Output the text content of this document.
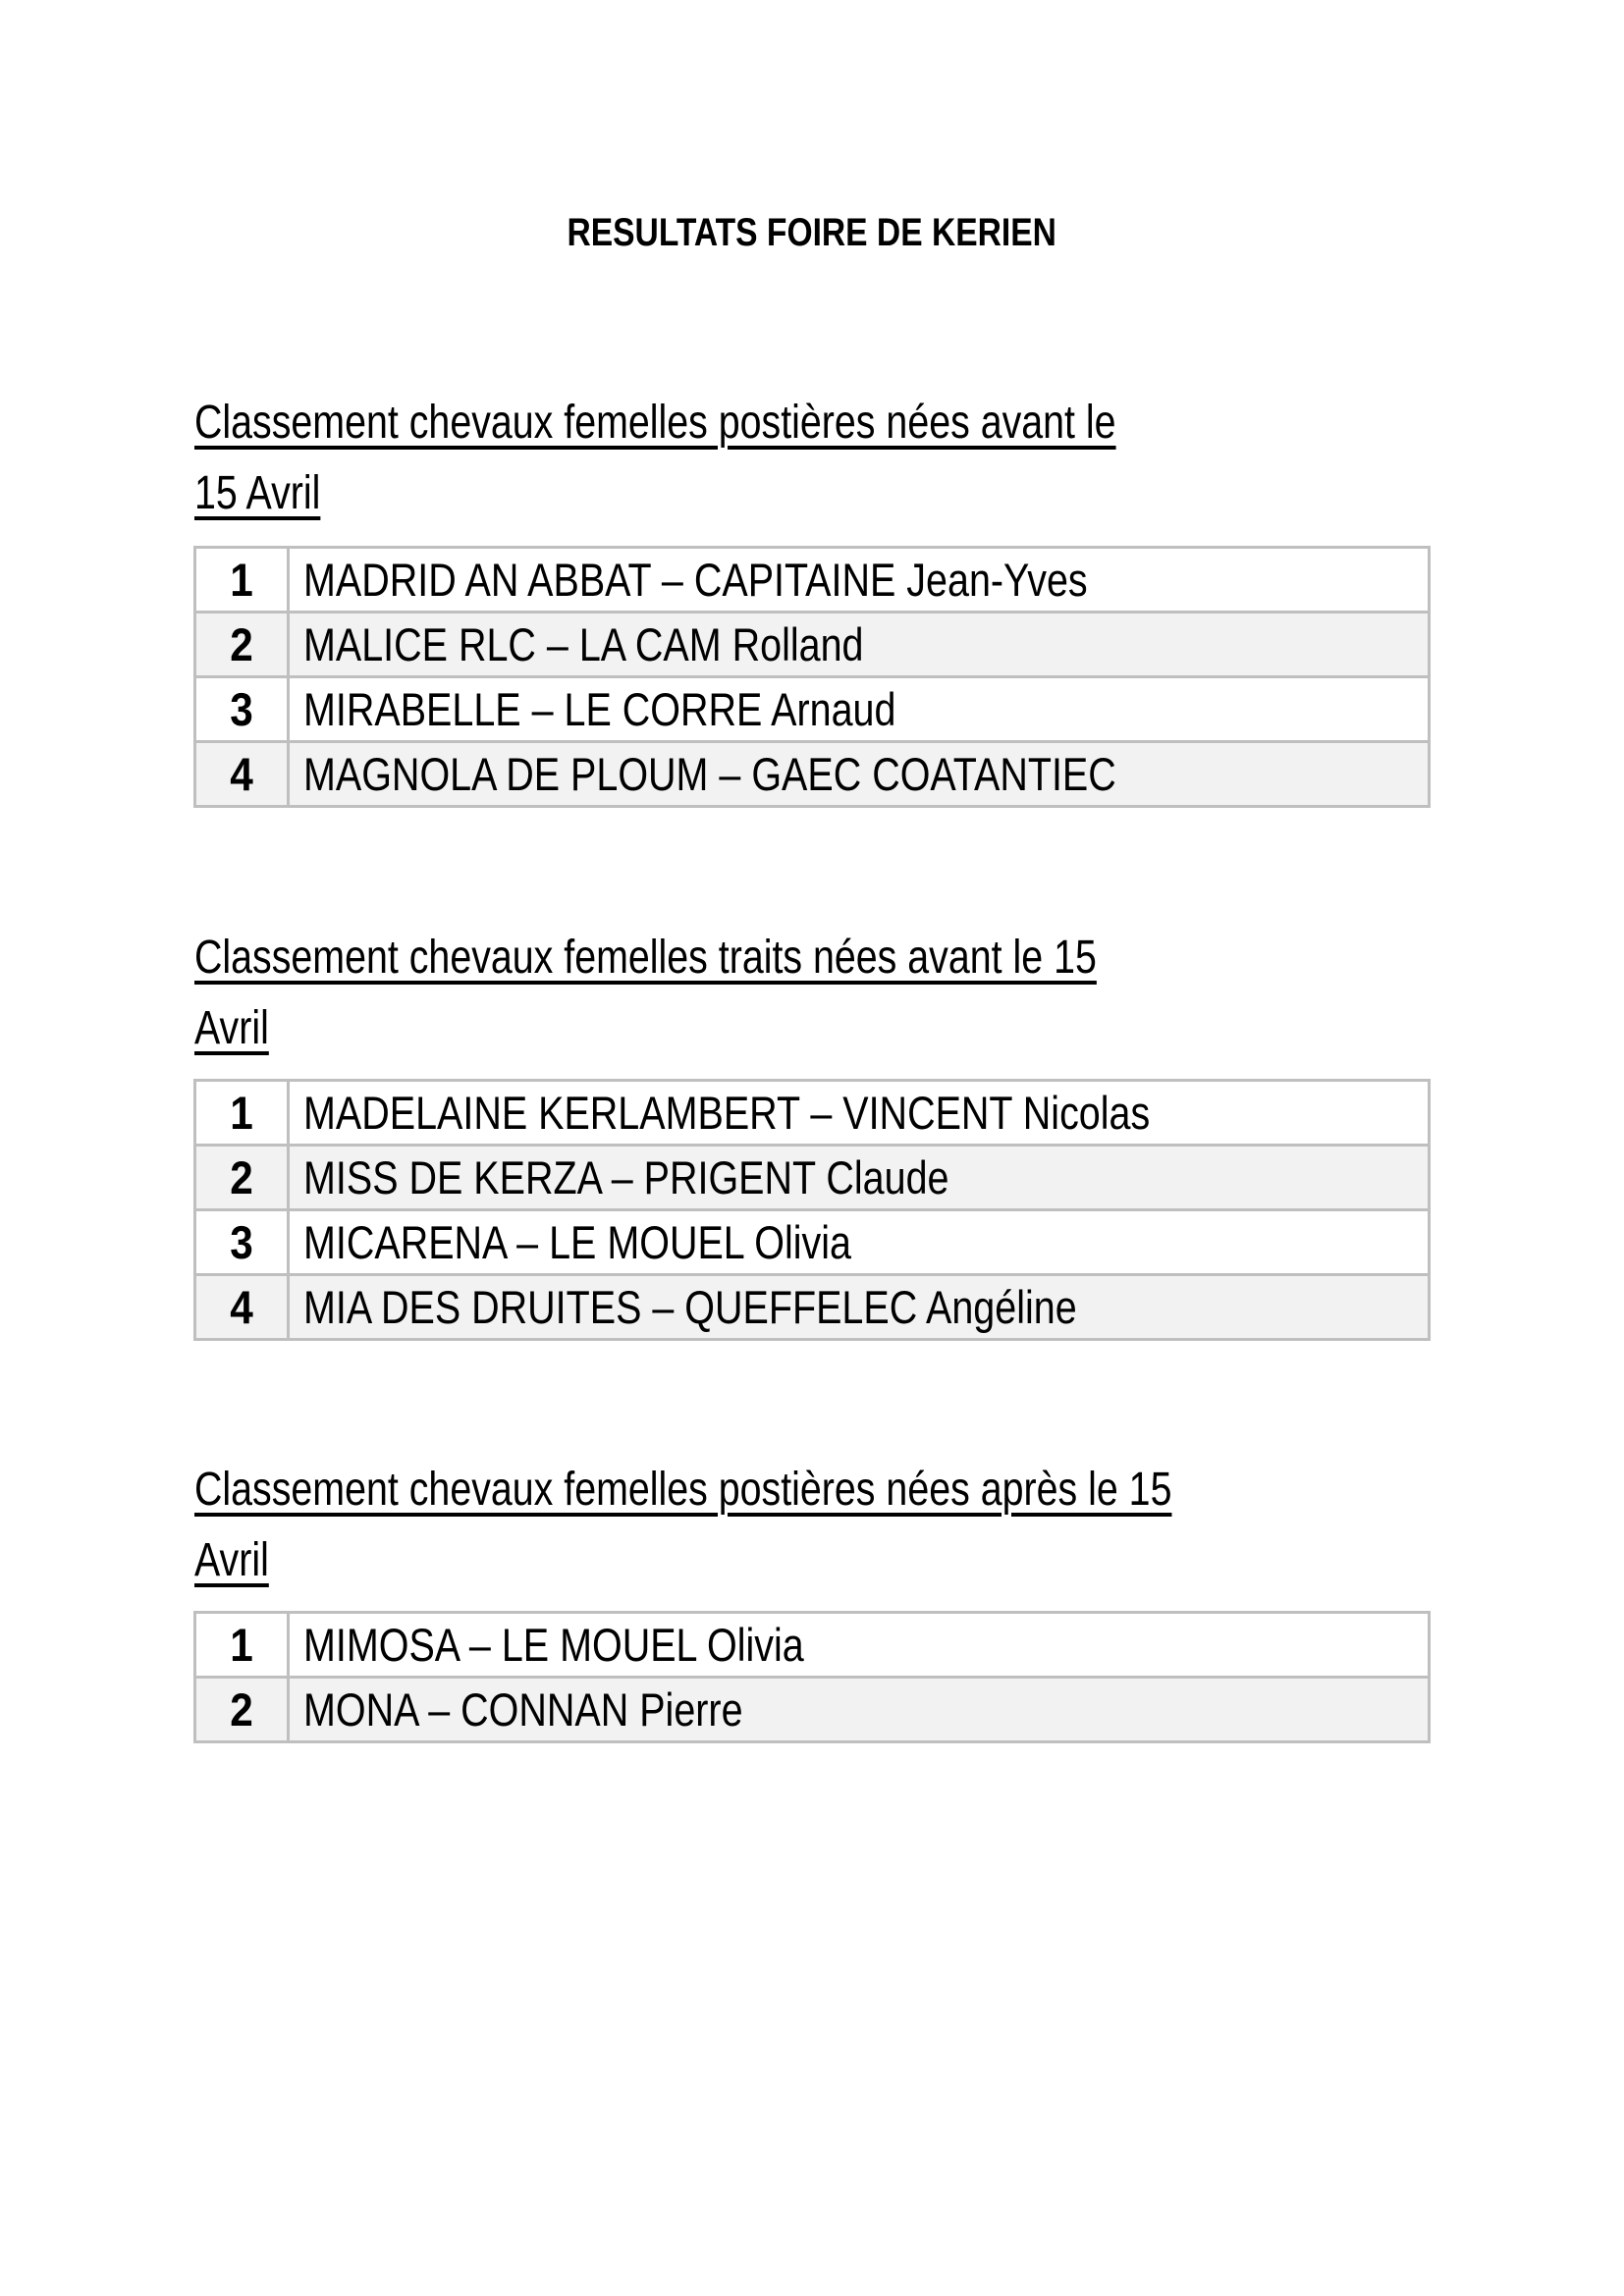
RESULTATS FOIRE DE KERIEN
Classement chevaux femelles postières nées avant le
15 Avril
1	MADRID AN ABBAT – CAPITAINE Jean-Yves
2	MALICE RLC – LA CAM Rolland
3	MIRABELLE – LE CORRE Arnaud
4	MAGNOLA DE PLOUM – GAEC COATANTIEC
Classement chevaux femelles traits nées avant le 15
Avril
1	MADELAINE KERLAMBERT – VINCENT Nicolas
2	MISS DE KERZA – PRIGENT Claude
3	MICARENA – LE MOUEL Olivia
4	MIA DES DRUITES – QUEFFELEC Angéline
Classement chevaux femelles postières nées après le 15
Avril
1	MIMOSA – LE MOUEL Olivia
2	MONA – CONNAN Pierre
